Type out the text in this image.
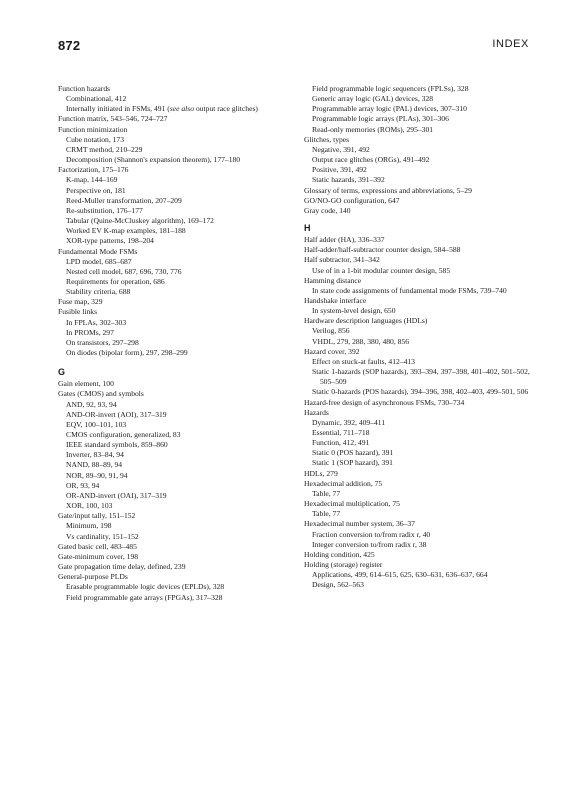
872	INDEX

Function hazards

Combinational, 412

Internally initiated in FSMs, 491 (see also output race glitches)

Function matrix, 543–546, 724–727

Function minimization

Cube notation, 173

CRMT method, 210–229

Decomposition (Shannon's expansion theorem), 177–180

Factorization, 175–176

K-map, 144–169

Perspective on, 181

Reed-Muller transformation, 207–209

Re-substitution, 176–177

Tabular (Quine-McCluskey algorithm), 169–172

Worked EV K-map examples, 181–188

XOR-type patterns, 198–204

Fundamental Mode FSMs

LPD model, 685–687

Nested cell model, 687, 696, 730, 776

Requirements for operation, 686

Stability criteria, 688

Fuse map, 329

Fusible links

In FPLAs, 302–303

In PROMs, 297

On transistors, 297–298

On diodes (bipolar form), 297, 298–299

G

Gain element, 100

Gates (CMOS) and symbols

AND, 92, 93, 94

AND-OR-invert (AOI), 317–319

EQV, 100–101, 103

CMOS configuration, generalized, 83

IEEE standard symbols, 859–860

Inverter, 83–84, 94

NAND, 88–89, 94

NOR, 89–90, 91, 94

OR, 93, 94

OR-AND-invert (OAI), 317–319

XOR, 100, 103

Gate/input tally, 151–152

Minimum, 198

Vs cardinality, 151–152

Gated basic cell, 483–485

Gate-minimum cover, 198

Gate propagation time delay, defined, 239

General-purpose PLDs

Erasable programmable logic devices (EPLDs), 328

Field programmable gate arrays (FPGAs), 317–328

Field programmable logic sequencers (FPLSs), 328

Generic array logic (GAL) devices, 328

Programmable array logic (PAL) devices, 307–310

Programmable logic arrays (PLAs), 301–306

Read-only memories (ROMs), 295–301

Glitches, types

Negative, 391, 492

Output race glitches (ORGs), 491–492

Positive, 391, 492

Static hazards, 391–392

Glossary of terms, expressions and abbreviations, 5–29

GO/NO-GO configuration, 647

Gray code, 140

H

Half adder (HA), 336–337

Half-adder/half-subtractor counter design, 584–588

Half subtractor, 341–342

Use of in a 1-bit modular counter design, 585

Hamming distance

In state code assignments of fundamental mode FSMs, 739–740

Handshake interface

In system-level design, 650

Hardware description languages (HDLs)

Verilog, 856

VHDL, 279, 288, 380, 480, 856

Hazard cover, 392

Effect on stuck-at faults, 412–413

Static 1-hazards (SOP hazards), 393–394, 397–398, 401–402, 501–502, 505–509

Static 0-hazards (POS hazards), 394–396, 398, 402–403, 499–501, 506

Hazard-free design of asynchronous FSMs, 730–734

Hazards

Dynamic, 392, 409–411

Essential, 711–718

Function, 412, 491

Static 0 (POS hazard), 391

Static 1 (SOP hazard), 391

HDLs, 279

Hexadecimal addition, 75

Table, 77

Hexadecimal multiplication, 75

Table, 77

Hexadecimal number system, 36–37

Fraction conversion to/from radix r, 40

Integer conversion to/from radix r, 38

Holding condition, 425

Holding (storage) register

Applications, 499, 614–615, 625, 630–631, 636–637, 664

Design, 562–563
